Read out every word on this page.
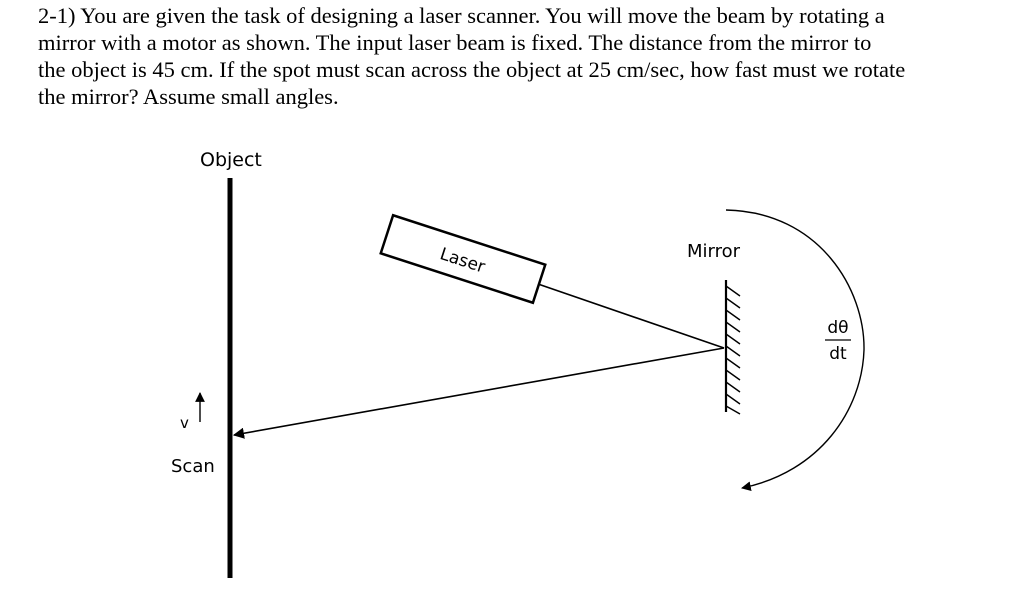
2-1) You are given the task of designing a laser scanner. You will move the beam by rotating a
mirror with a motor as shown. The input laser beam is fixed. The distance from the mirror to
the object is 45 cm. If the spot must scan across the object at 25 cm/sec, how fast must we rotate
the mirror? Assume small angles.
Object
Laser	Mirror
dθ
dt
v
Scan
